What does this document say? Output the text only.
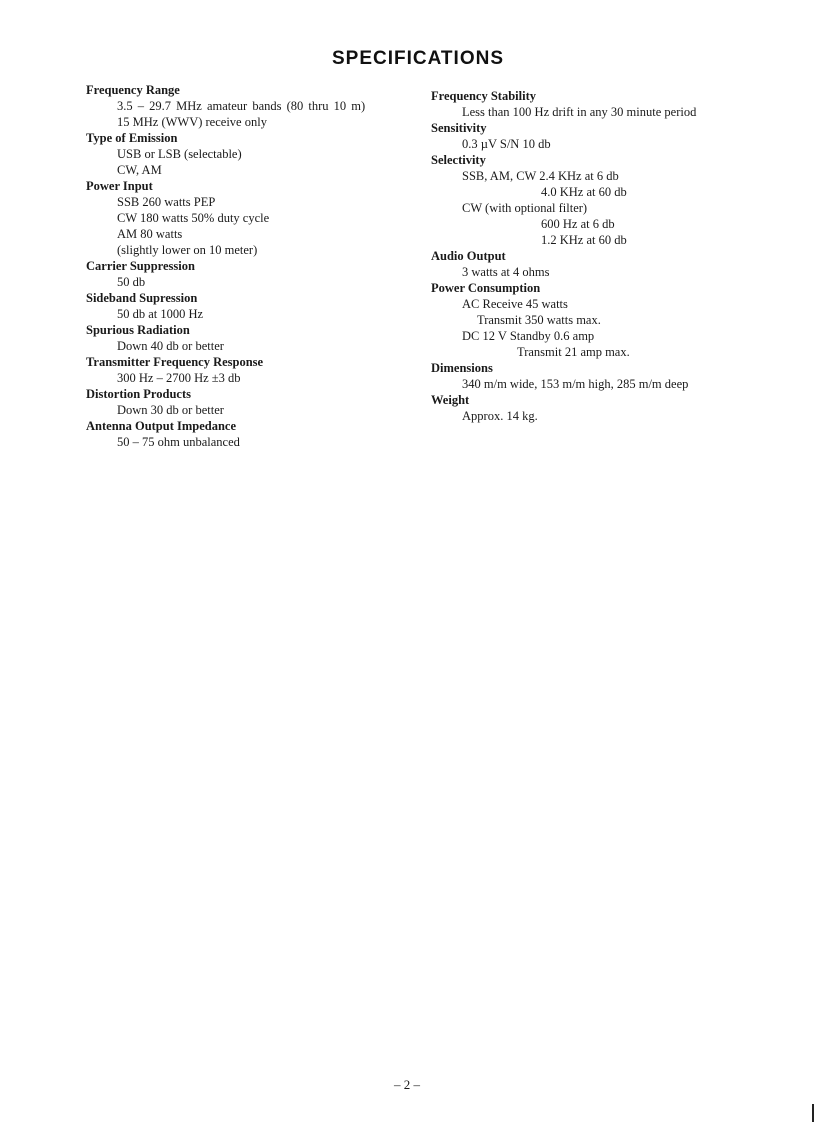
SPECIFICATIONS
Frequency Range
3.5 – 29.7 MHz amateur bands (80 thru 10 m)
15 MHz (WWV) receive only
Type of Emission
USB or LSB (selectable)
CW, AM
Power Input
SSB 260 watts PEP
CW 180 watts 50% duty cycle
AM 80 watts
(slightly lower on 10 meter)
Carrier Suppression
50 db
Sideband Supression
50 db at 1000 Hz
Spurious Radiation
Down 40 db or better
Transmitter Frequency Response
300 Hz – 2700 Hz ±3 db
Distortion Products
Down 30 db or better
Antenna Output Impedance
50 – 75 ohm unbalanced
Frequency Stability
Less than 100 Hz drift in any 30 minute period
Sensitivity
0.3 µV S/N 10 db
Selectivity
SSB, AM, CW 2.4 KHz at 6 db
4.0 KHz at 60 db
CW (with optional filter)
600 Hz at 6 db
1.2 KHz at 60 db
Audio Output
3 watts at 4 ohms
Power Consumption
AC Receive 45 watts
Transmit 350 watts max.
DC 12 V Standby 0.6 amp
Transmit 21 amp max.
Dimensions
340 m/m wide, 153 m/m high, 285 m/m deep
Weight
Approx. 14 kg.
– 2 –
